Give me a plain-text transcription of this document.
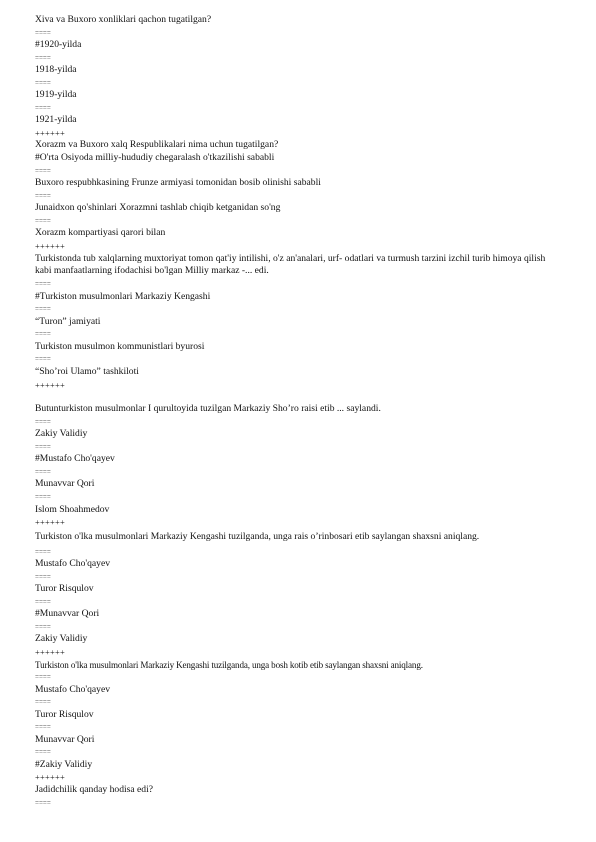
Xiva va Buxoro xonliklari qachon tugatilgan?
====
#1920-yilda
====
1918-yilda
====
1919-yilda
====
1921-yilda
++++++
Xorazm va Buxoro xalq Respublikalari nima uchun tugatilgan?
#O'rta Osiyoda milliy-hududiy chegaralash o'tkazilishi sababli
====
Buxoro respubhkasining Frunze armiyasi tomonidan bosib olinishi sababli
====
Junaidxon qo'shinlari Xorazmni tashlab chiqib ketganidan so'ng
====
Xorazm kompartiyasi qarori bilan
++++++
Turkistonda tub xalqlarning muxtoriyat tomon qat'iy intilishi, o'z an'analari, urf- odatlari va turmush tarzini izchil turib himoya qilish kabi manfaatlarning ifodachisi bo'lgan Milliy markaz -... edi.
====
#Turkiston musulmonlari Markaziy Kengashi
====
“Turon” jamiyati
====
Turkiston musulmon kommunistlari byurosi
====
“Sho’roi Ulamo” tashkiloti
++++++
Butunturkiston musulmonlar I qurultoyida tuzilgan Markaziy Sho’ro raisi etib ... saylandi.
====
Zakiy Validiy
====
#Mustafo Cho'qayev
====
Munavvar Qori
====
Islom Shoahmedov
++++++
Turkiston o'lka musulmonlari Markaziy Kengashi tuzilganda, unga rais o’rinbosari etib saylangan shaxsni aniqlang.
====
Mustafo Cho'qayev
====
Turor Risqulov
====
#Munavvar Qori
====
Zakiy Validiy
++++++
Turkiston o'lka musulmonlari Markaziy Kengashi tuzilganda, unga bosh kotib etib saylangan shaxsni aniqlang.
====
Mustafo Cho'qayev
====
Turor Risqulov
====
Munavvar Qori
====
#Zakiy Validiy
++++++
Jadidchilik qanday hodisa edi?
====
